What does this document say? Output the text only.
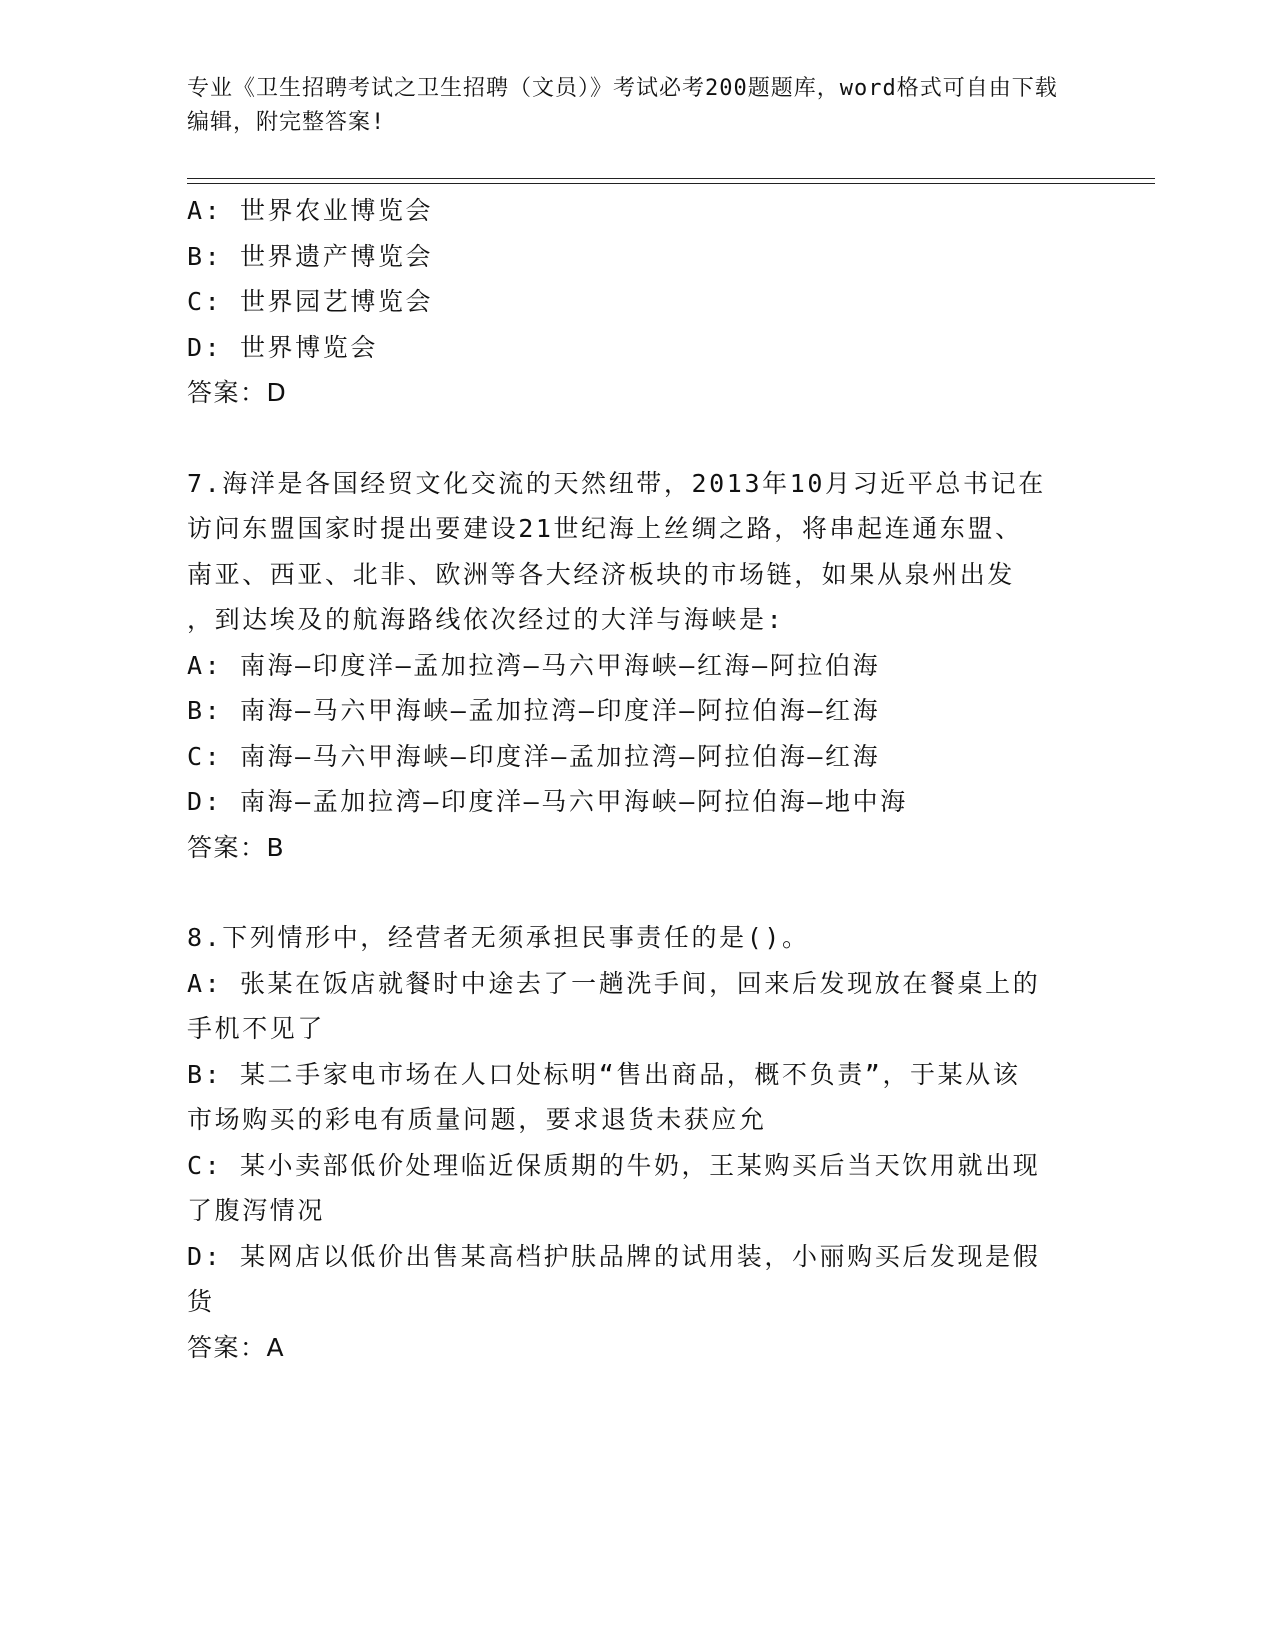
专业《卫生招聘考试之卫生招聘（文员）》考试必考200题题库，word格式可自由下载编辑，附完整答案!
A: 世界农业博览会
B: 世界遗产博览会
C: 世界园艺博览会
D: 世界博览会
答案：D
7.海洋是各国经贸文化交流的天然纽带，2013年10月习近平总书记在
访问东盟国家时提出要建设21世纪海上丝绸之路，将串起连通东盟、
南亚、西亚、北非、欧洲等各大经济板块的市场链，如果从泉州出发
，到达埃及的航海路线依次经过的大洋与海峡是:
A: 南海—印度洋—孟加拉湾—马六甲海峡—红海—阿拉伯海
B: 南海—马六甲海峡—孟加拉湾—印度洋—阿拉伯海—红海
C: 南海—马六甲海峡—印度洋—孟加拉湾—阿拉伯海—红海
D: 南海—孟加拉湾—印度洋—马六甲海峡—阿拉伯海—地中海
答案：B
8.下列情形中，经营者无须承担民事责任的是()。
A: 张某在饭店就餐时中途去了一趟洗手间，回来后发现放在餐桌上的
手机不见了
B: 某二手家电市场在人口处标明“售出商品，概不负责”，于某从该
市场购买的彩电有质量问题，要求退货未获应允
C: 某小卖部低价处理临近保质期的牛奶，王某购买后当天饮用就出现
了腹泻情况
D: 某网店以低价出售某高档护肤品牌的试用装，小丽购买后发现是假
货
答案：A
